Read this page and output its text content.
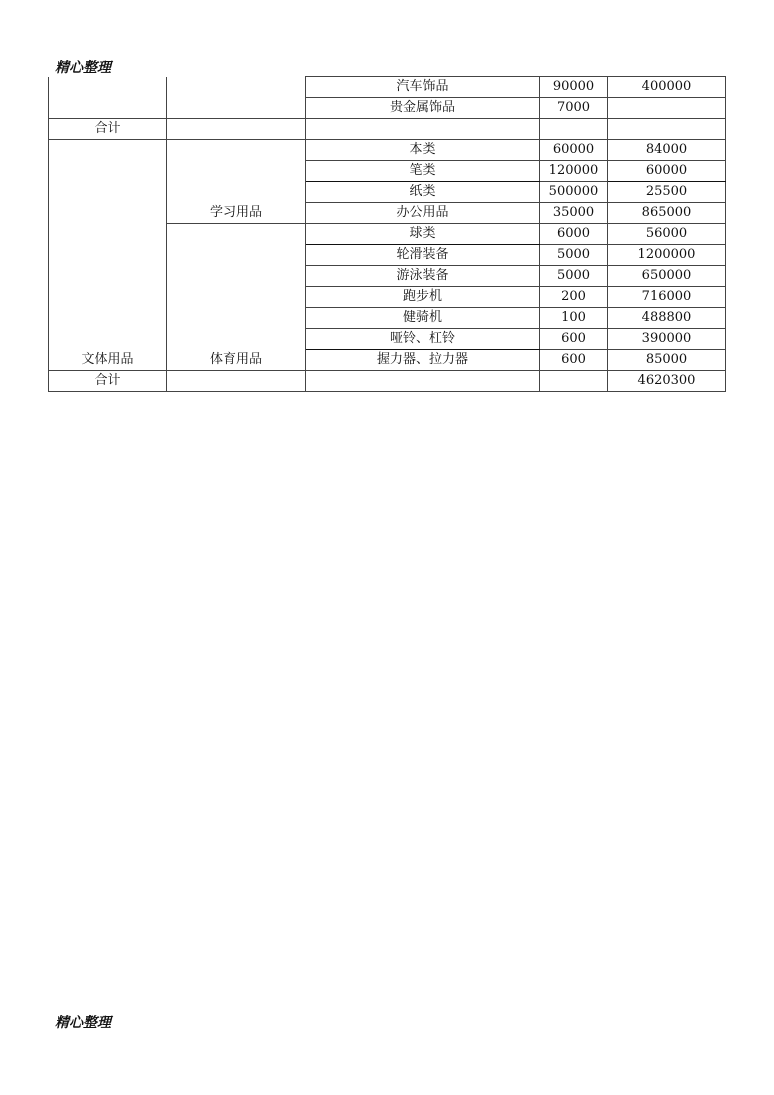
精心整理
		汽车饰品	90000	400000
		贵金属饰品	7000	
合计				
文体用品	学习用品	本类	60000	84000
		笔类	120000	60000
		纸类	500000	25500
		办公用品	35000	865000
	体育用品	球类	6000	56000
		轮滑装备	5000	1200000
		游泳装备	5000	650000
		跑步机	200	716000
		健骑机	100	488800
		哑铃、杠铃	600	390000
		握力器、拉力器	600	85000
合计				4620300
精心整理
